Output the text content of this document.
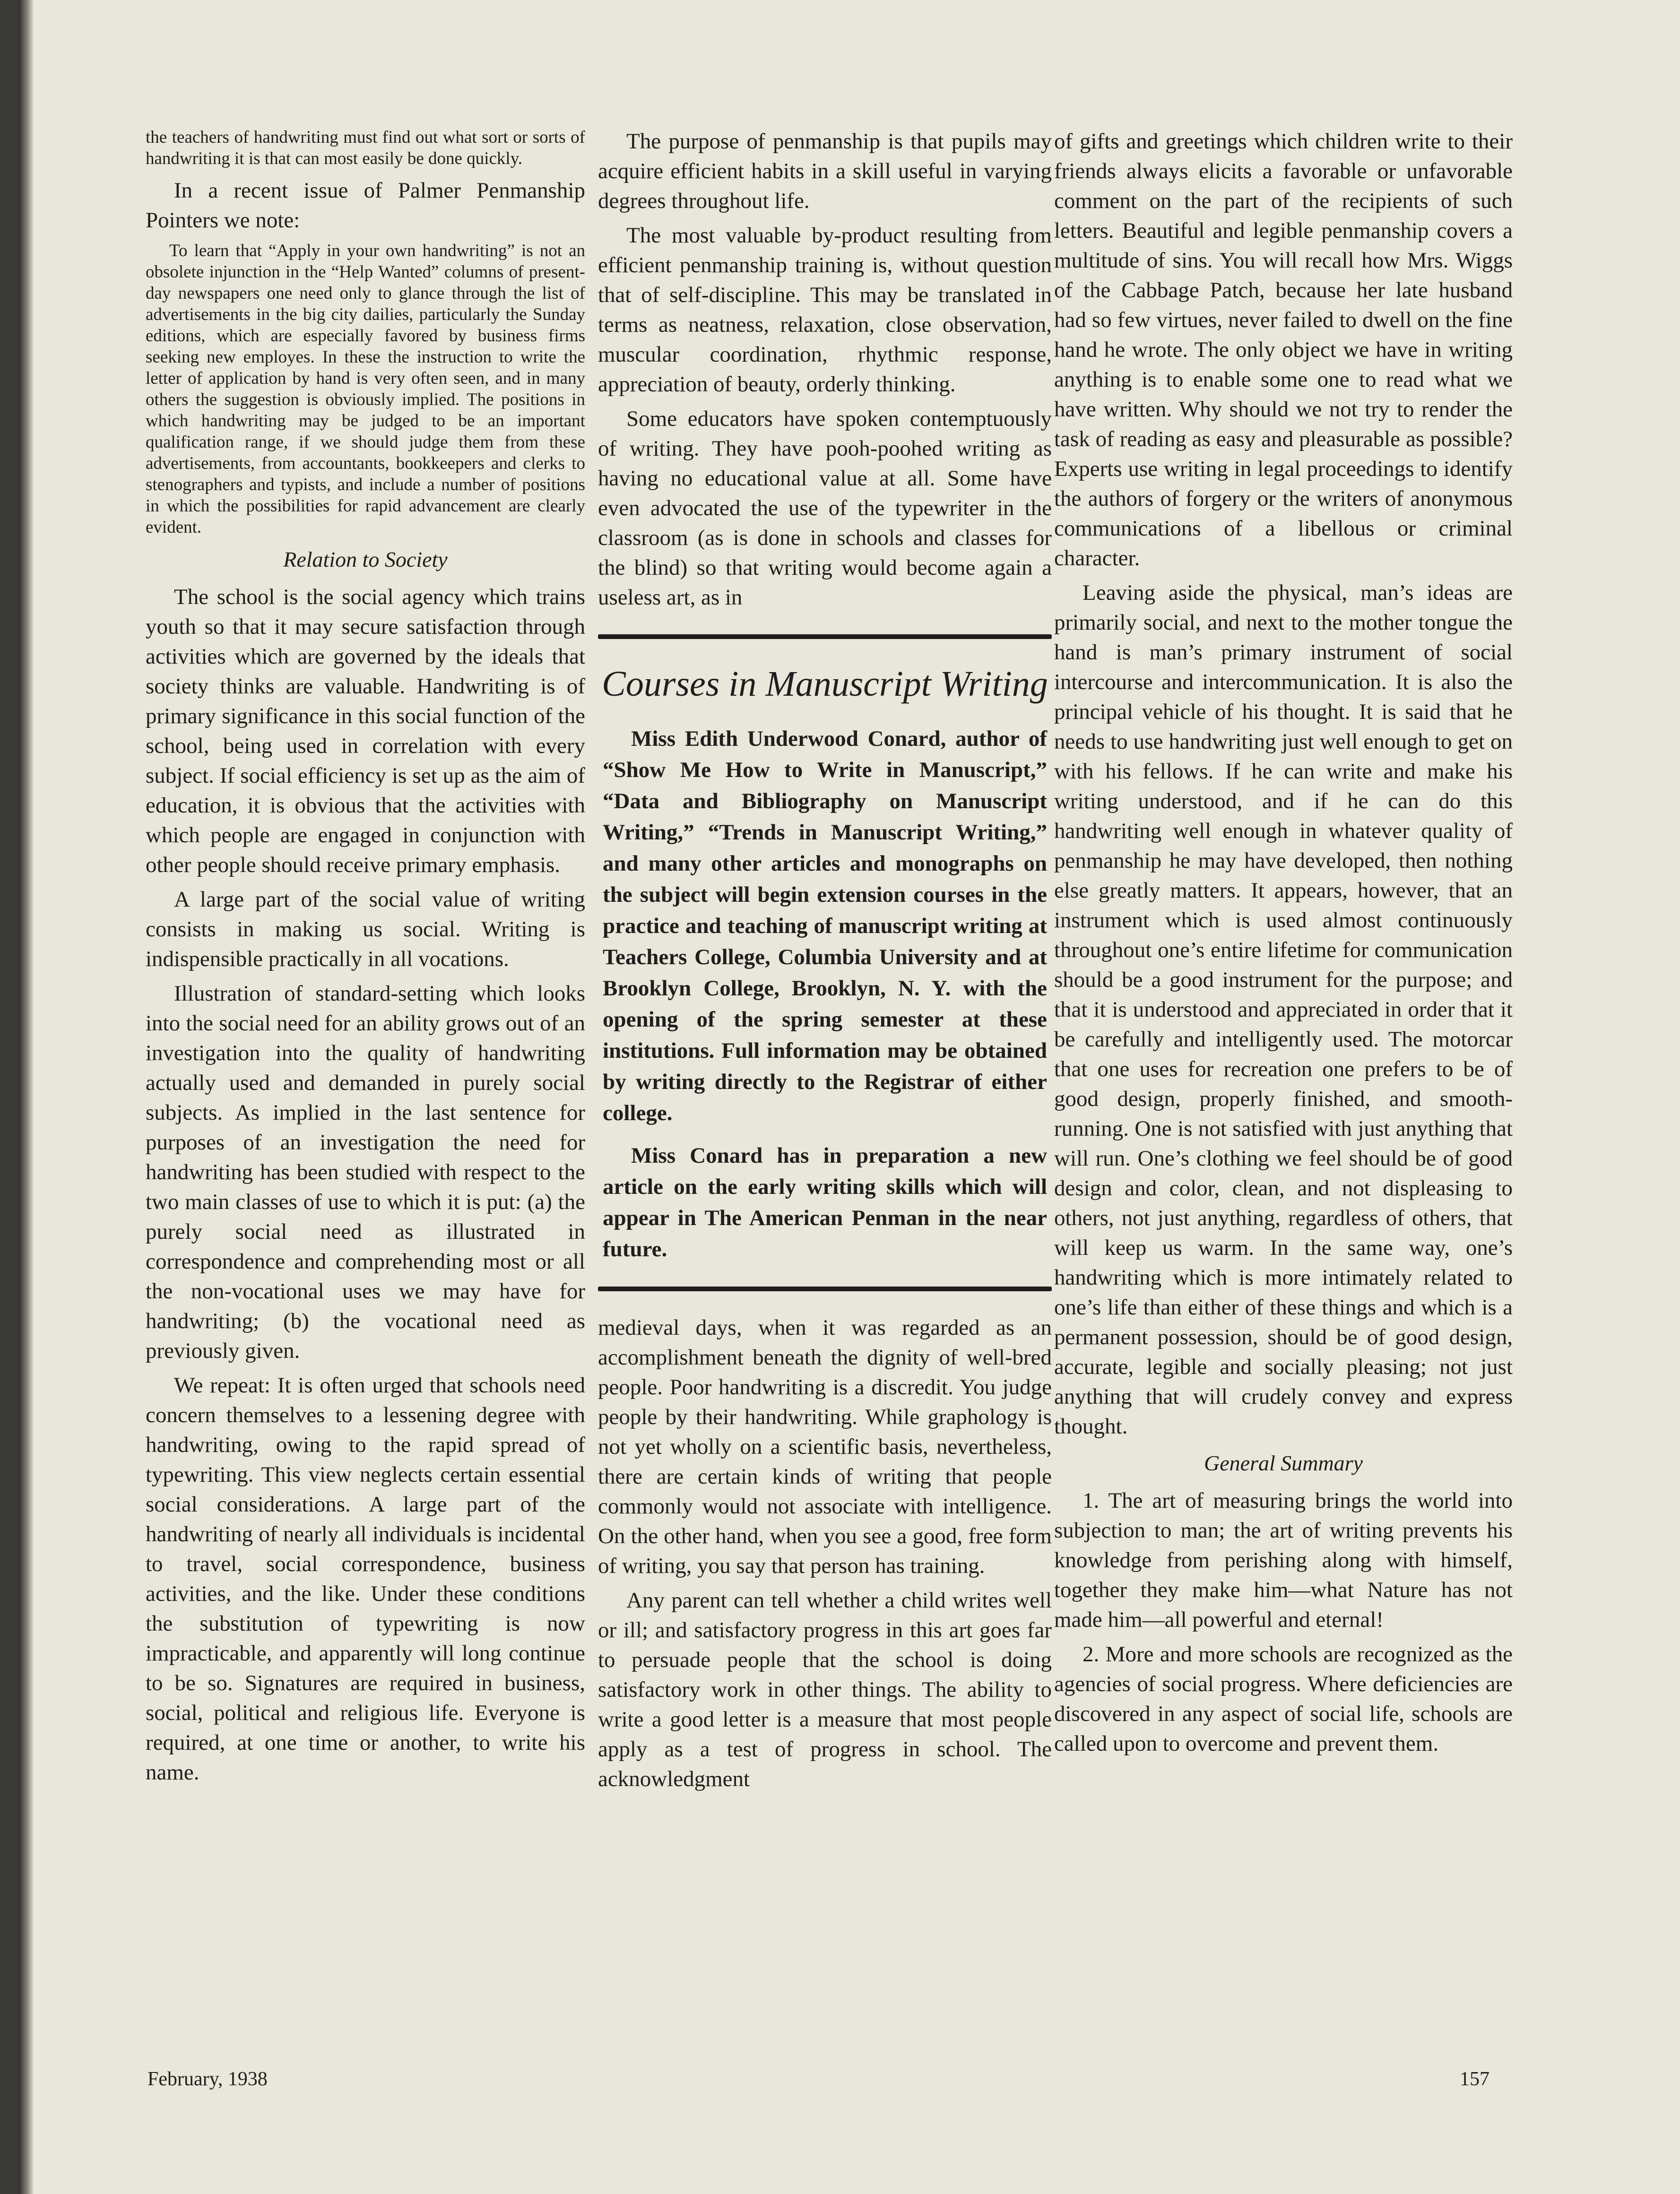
the teachers of handwriting must find out what sort or sorts of handwriting it is that can most easily be done quickly.

In a recent issue of Palmer Penmanship Pointers we note:

To learn that “Apply in your own handwriting” is not an obsolete injunction in the “Help Wanted” columns of present-day newspapers one need only to glance through the list of advertisements in the big city dailies, particularly the Sunday editions, which are especially favored by business firms seeking new employes. In these the instruction to write the letter of application by hand is very often seen, and in many others the suggestion is obviously implied. The positions in which handwriting may be judged to be an important qualification range, if we should judge them from these advertisements, from accountants, bookkeepers and clerks to stenographers and typists, and include a number of positions in which the possibilities for rapid advancement are clearly evident.

Relation to Society

The school is the social agency which trains youth so that it may secure satisfaction through activities which are governed by the ideals that society thinks are valuable. Handwriting is of primary significance in this social function of the school, being used in correlation with every subject. If social efficiency is set up as the aim of education, it is obvious that the activities with which people are engaged in conjunction with other people should receive primary emphasis.

A large part of the social value of writing consists in making us social. Writing is indispensible practically in all vocations.

Illustration of standard-setting which looks into the social need for an ability grows out of an investigation into the quality of handwriting actually used and demanded in purely social subjects. As implied in the last sentence for purposes of an investigation the need for handwriting has been studied with respect to the two main classes of use to which it is put: (a) the purely social need as illustrated in correspondence and comprehending most or all the non-vocational uses we may have for handwriting; (b) the vocational need as previously given.

We repeat: It is often urged that schools need concern themselves to a lessening degree with handwriting, owing to the rapid spread of typewriting. This view neglects certain essential social considerations. A large part of the handwriting of nearly all individuals is incidental to travel, social correspondence, business activities, and the like. Under these conditions the substitution of typewriting is now impracticable, and apparently will long continue to be so. Signatures are required in business, social, political and religious life. Everyone is required, at one time or another, to write his name.

The purpose of penmanship is that pupils may acquire efficient habits in a skill useful in varying degrees throughout life.

The most valuable by-product resulting from efficient penmanship training is, without question that of self-discipline. This may be translated in terms as neatness, relaxation, close observation, muscular coordination, rhythmic response, appreciation of beauty, orderly thinking.

Some educators have spoken contemptuously of writing. They have pooh-poohed writing as having no educational value at all. Some have even advocated the use of the typewriter in the classroom (as is done in schools and classes for the blind) so that writing would become again a useless art, as in

Courses in Manuscript Writing

Miss Edith Underwood Conard, author of “Show Me How to Write in Manuscript,” “Data and Bibliography on Manuscript Writing,” “Trends in Manuscript Writing,” and many other articles and monographs on the subject will begin extension courses in the practice and teaching of manuscript writing at Teachers College, Columbia University and at Brooklyn College, Brooklyn, N. Y. with the opening of the spring semester at these institutions. Full information may be obtained by writing directly to the Registrar of either college.

Miss Conard has in preparation a new article on the early writing skills which will appear in The American Penman in the near future.

medieval days, when it was regarded as an accomplishment beneath the dignity of well-bred people. Poor handwriting is a discredit. You judge people by their handwriting. While graphology is not yet wholly on a scientific basis, nevertheless, there are certain kinds of writing that people commonly would not associate with intelligence. On the other hand, when you see a good, free form of writing, you say that person has training.

Any parent can tell whether a child writes well or ill; and satisfactory progress in this art goes far to persuade people that the school is doing satisfactory work in other things. The ability to write a good letter is a measure that most people apply as a test of progress in school. The acknowledgment

of gifts and greetings which children write to their friends always elicits a favorable or unfavorable comment on the part of the recipients of such letters. Beautiful and legible penmanship covers a multitude of sins. You will recall how Mrs. Wiggs of the Cabbage Patch, because her late husband had so few virtues, never failed to dwell on the fine hand he wrote. The only object we have in writing anything is to enable some one to read what we have written. Why should we not try to render the task of reading as easy and pleasurable as possible? Experts use writing in legal proceedings to identify the authors of forgery or the writers of anonymous communications of a libellous or criminal character.

Leaving aside the physical, man’s ideas are primarily social, and next to the mother tongue the hand is man’s primary instrument of social intercourse and intercommunication. It is also the principal vehicle of his thought. It is said that he needs to use handwriting just well enough to get on with his fellows. If he can write and make his writing understood, and if he can do this handwriting well enough in whatever quality of penmanship he may have developed, then nothing else greatly matters. It appears, however, that an instrument which is used almost continuously throughout one’s entire lifetime for communication should be a good instrument for the purpose; and that it is understood and appreciated in order that it be carefully and intelligently used. The motorcar that one uses for recreation one prefers to be of good design, properly finished, and smooth-running. One is not satisfied with just anything that will run. One’s clothing we feel should be of good design and color, clean, and not displeasing to others, not just anything, regardless of others, that will keep us warm. In the same way, one’s handwriting which is more intimately related to one’s life than either of these things and which is a permanent possession, should be of good design, accurate, legible and socially pleasing; not just anything that will crudely convey and express thought.

General Summary

1. The art of measuring brings the world into subjection to man; the art of writing prevents his knowledge from perishing along with himself, together they make him—what Nature has not made him—all powerful and eternal!

2. More and more schools are recognized as the agencies of social progress. Where deficiencies are discovered in any aspect of social life, schools are called upon to overcome and prevent them.

February, 1938	157
